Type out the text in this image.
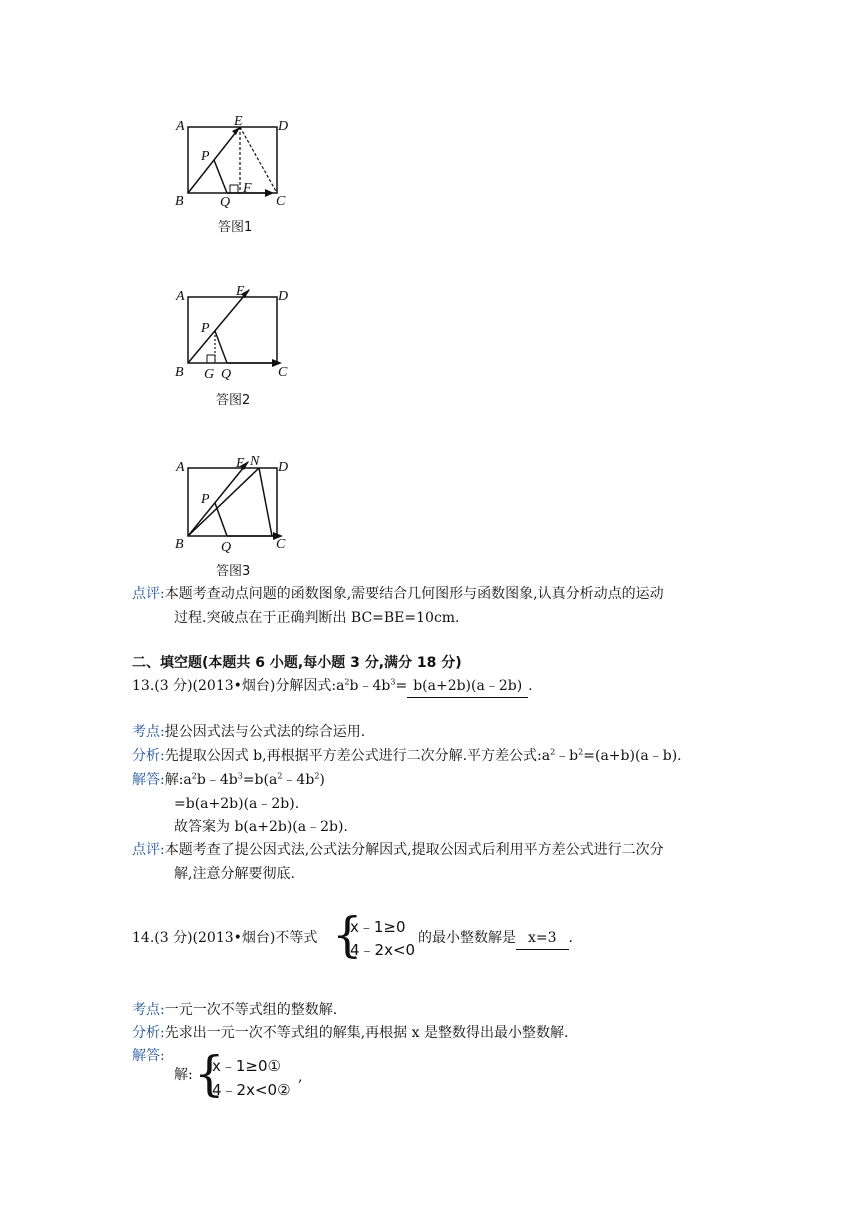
A	E	D
P
B	Q
F
C
答图1
A	E D
P
B G Q	C
答图2
A	E N D
P
B	Q	C
答图3
点评:本题考查动点问题的函数图象,需要结合几何图形与函数图象,认真分析动点的运动
过程.突破点在于正确判断出 BC=BE=10cm.
二、填空题(本题共 6 小题,每小题 3 分,满分 18 分)
13.(3 分)(2013•烟台)分解因式$:a^2b﹣4b^3=$ b(a+2b)(a﹣2b) .
考点:提公因式法与公式法的综合运用.
分析:先提取公因式 b,再根据平方差公式进行二次分解.平方差公式$:a^2﹣b^2=(a+b)(a﹣b)$.
解答:解$:a^2b﹣4b^3=b(a^2﹣4b^2)$
=b(a+2b)(a﹣2b).
故答案为 b(a+2b)(a﹣2b).
点评:本题考查了提公因式法,公式法分解因式,提取公因式后利用平方差公式进行二次分
解,注意分解要彻底.
14.(3 分)(2013•烟台)不等式 {
x﹣1≥0
4﹣2x<0
的最小整数解是 x=3 .
考点:一元一次不等式组的整数解.
分析:先求出一元一次不等式组的解集,再根据 x 是整数得出最小整数解.
解答:
解: {
x﹣1≥0①
4﹣2x<0②
,
